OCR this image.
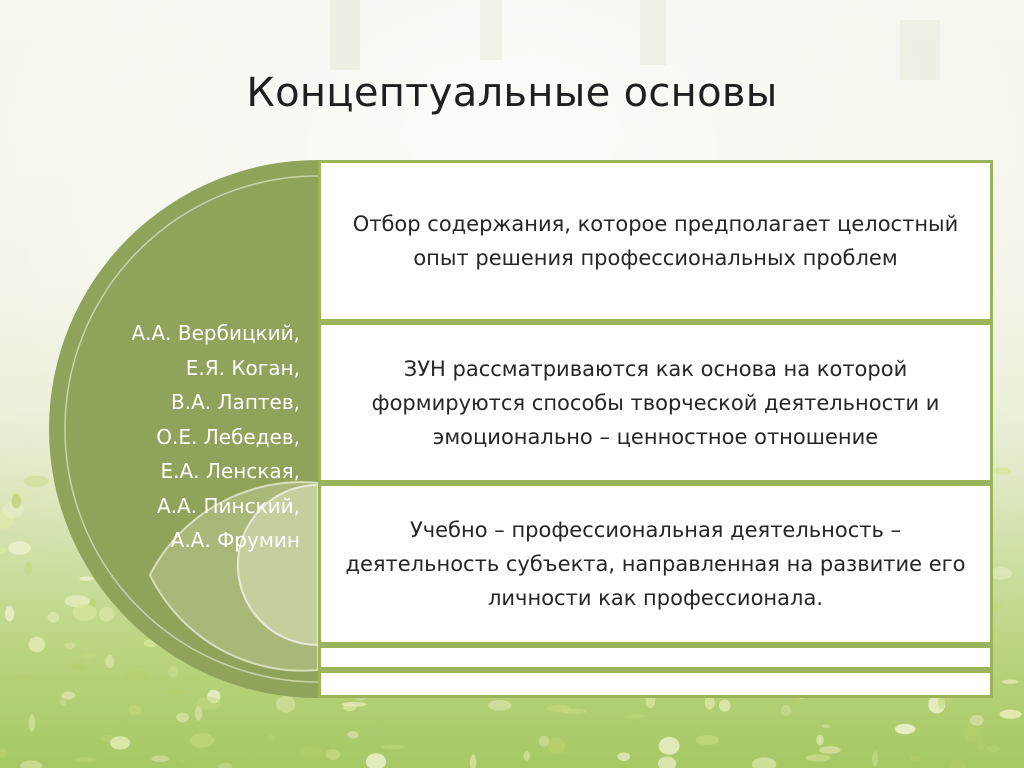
Концептуальные основы
А.А. Вербицкий,
Е.Я. Коган,
В.А. Лаптев,
О.Е. Лебедев,
Е.А. Ленская,
А.А. Пинский,
А.А. Фрумин
Отбор содержания, которое предполагает целостный опыт решения профессиональных проблем
ЗУН рассматриваются как основа на которой формируются способы творческой деятельности и эмоционально – ценностное отношение
Учебно – профессиональная деятельность – деятельность субъекта, направленная на развитие его личности как профессионала.
